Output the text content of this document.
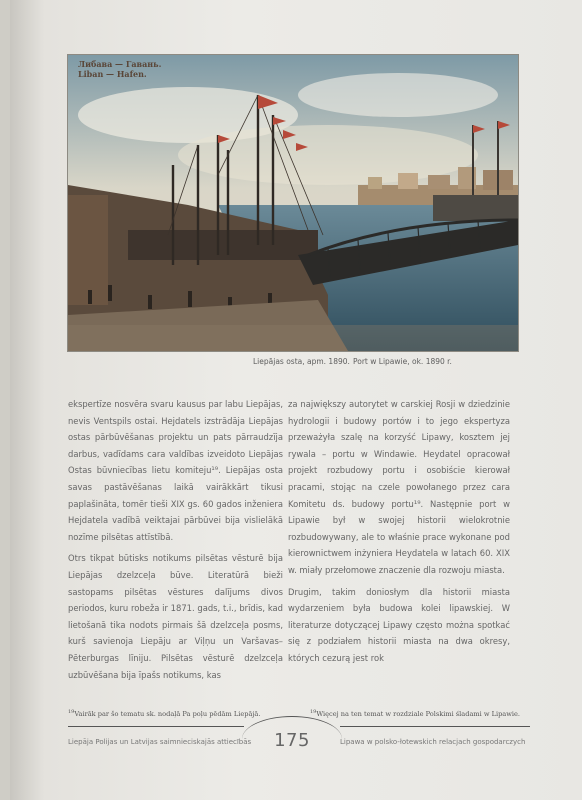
Либава — Гавань.
Liban — Hafen.
Liepājas osta, apm. 1890. Port w Lipawie, ok. 1890 r.

ekspertīze nosvēra svaru kausus par labu Liepājas, nevis Ventspils ostai. Hejdatels izstrādāja Liepājas ostas pārbūvēšanas projektu un pats pārraudzīja darbus, vadīdams cara valdības izveidoto Liepājas Ostas būvniecības lietu komiteju¹⁹. Liepājas osta savas pastāvēšanas laikā vairākkārt tikusi paplašināta, tomēr tieši XIX gs. 60 gados inženiera Hejdatela vadībā veiktajai pārbūvei bija visliеlākā nozīme pilsētas attīstībā.

Otrs tikpat būtisks notikums pilsētas vēsturē bija Liepājas dzelzceļa būve. Literatūrā bieži sastopams pilsētas vēstures dalījums divos periodos, kuru robeža ir 1871. gads, t.i., brīdis, kad lietošanā tika nodots pirmais šā dzelzceļa posms, kurš savienoja Liepāju ar Viļņu un Varšavas–Pēterburgas līniju. Pilsētas vēsturē dzelzceļa uzbūvēšana bija īpašs notikums, kas

za największy autorytet w carskiej Rosji w dziedzinie hydrologii i budowy portów i to jego ekspertyza przeważyła szalę na korzyść Lipawy, kosztem jej rywala – portu w Windawie. Heydatel opracował projekt rozbudowy portu i osobiście kierował pracami, stojąc na czele powołanego przez cara Komitetu ds. budowy portu¹⁹. Następnie port w Lipawie był w swojej historii wielokrotnie rozbudowywany, ale to właśnie prace wykonane pod kierownictwem inżyniera Heydatela w latach 60. XIX w. miały przełomowe znaczenie dla rozwoju miasta.

Drugim, takim doniosłym dla historii miasta wydarzeniem była budowa kolei lipawskiej. W literaturze dotyczącej Lipawy często można spotkać się z podziałem historii miasta na dwa okresy, których cezurą jest rok

$^{19}$Vairāk par šo tematu sk. nodaļā Pa poļu pēdām Liepājā.	$^{19}$Więcej na ten temat w rozdziale Polskimi śladami w Lipawie.
Liepāja Polijas un Latvijas saimnieciskajās attiecībās 175	Lipawa w polsko-łotewskich relacjach gospodarczych
